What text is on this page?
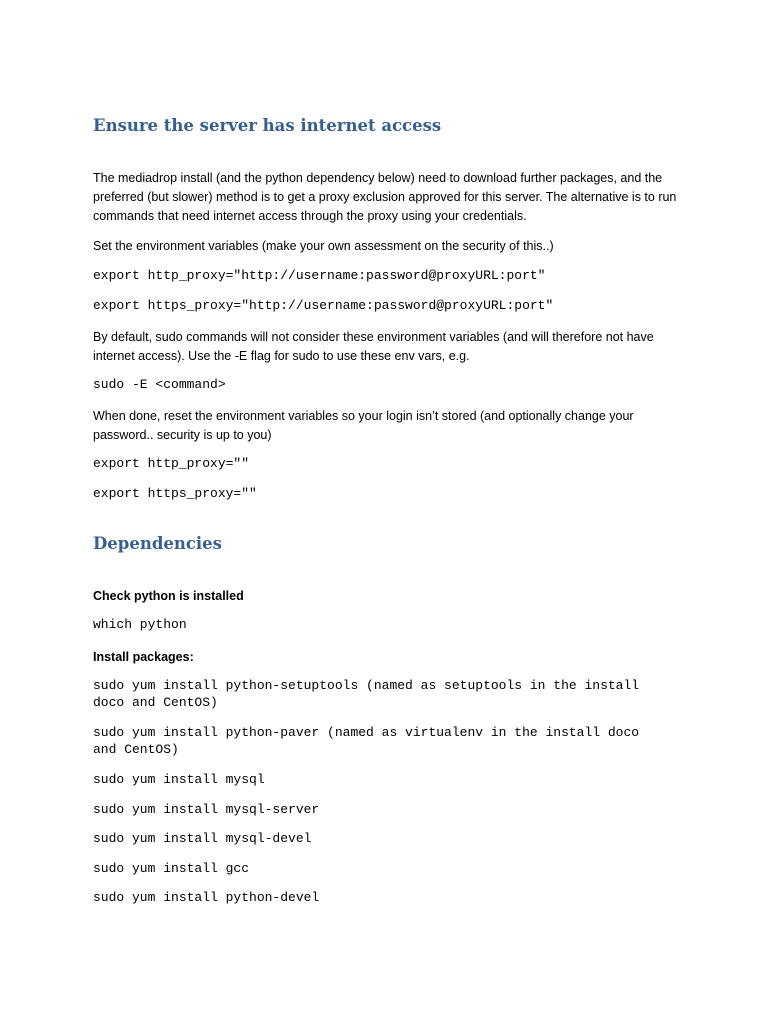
Ensure the server has internet access

The mediadrop install (and the python dependency below) need to download further packages, and the preferred (but slower) method is to get a proxy exclusion approved for this server. The alternative is to run commands that need internet access through the proxy using your credentials.

Set the environment variables (make your own assessment on the security of this..)

export http_proxy="http://username:password@proxyURL:port"
export https_proxy="http://username:password@proxyURL:port"

By default, sudo commands will not consider these environment variables (and will therefore not have internet access). Use the -E flag for sudo to use these env vars, e.g.

sudo -E <command>

When done, reset the environment variables so your login isn’t stored (and optionally change your password.. security is up to you)

export http_proxy=""
export https_proxy=""
Dependencies

Check python is installed

which python

Install packages:

sudo yum install python-setuptools (named as setuptools in the install doco and CentOS)
sudo yum install python-paver (named as virtualenv in the install doco and CentOS)
sudo yum install mysql
sudo yum install mysql-server
sudo yum install mysql-devel
sudo yum install gcc
sudo yum install python-devel
